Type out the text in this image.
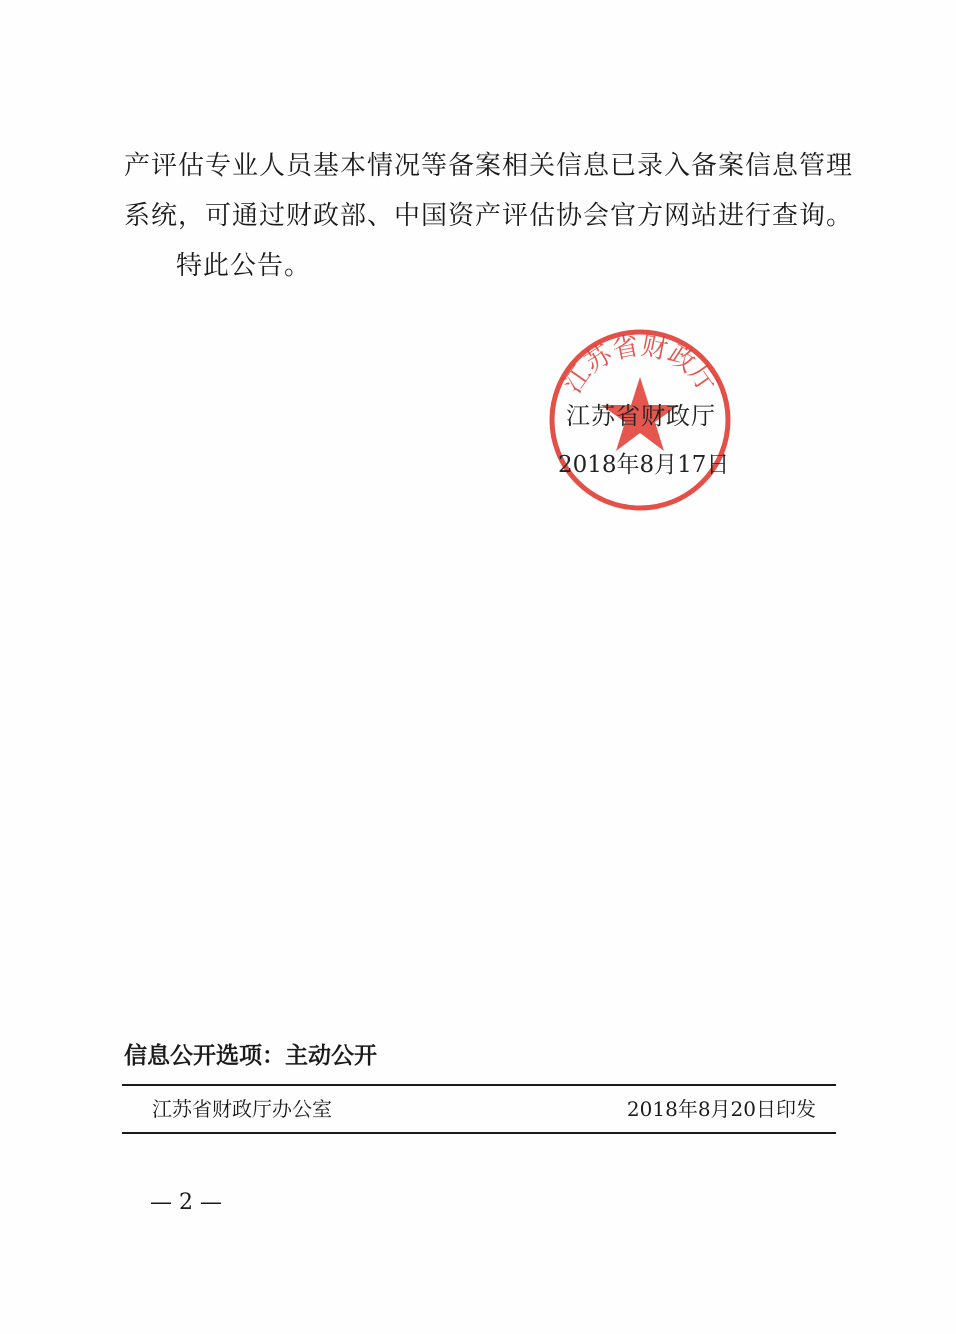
产评估专业人员基本情况等备案相关信息已录入备案信息管理
系统，可通过财政部、中国资产评估协会官方网站进行查询。
特此公告。
江苏省财政厅
江苏省财政厅
2018年8月17日
信息公开选项：主动公开
江苏省财政厅办公室	2018年8月20日印发
— 2 —
